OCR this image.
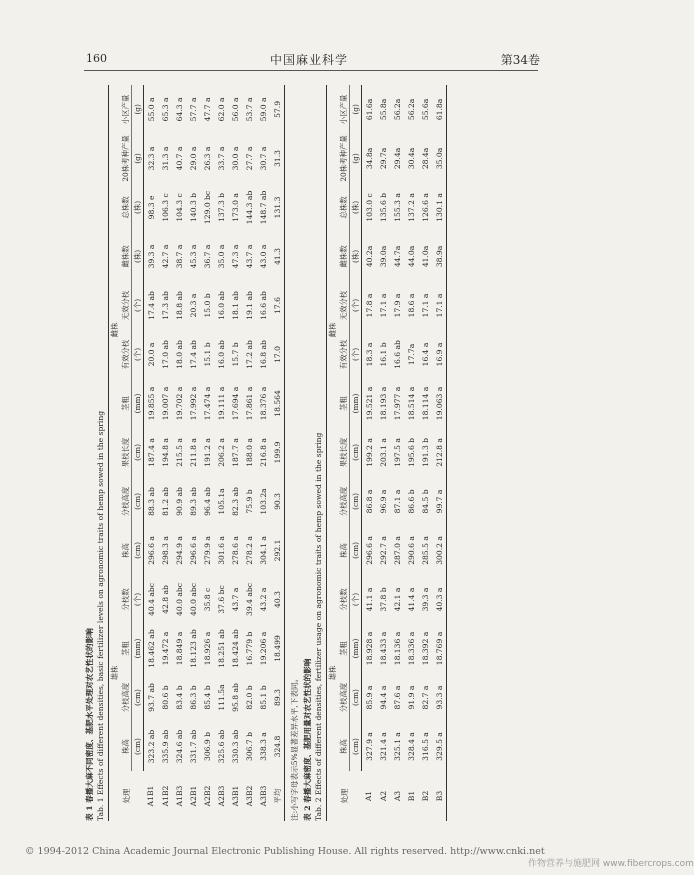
160	中国麻业科学	第34卷
表 1 春播大麻不同密度、基肥水平处理对农艺性状的影响 Tab. 1 Effects of different densities, basic fertilizer levels on agronomic traits of hemp sowed in the spring 处理	雄株				雌株									
	株高	分枝高度	茎粗	分枝数	株高	分枝高度	果枝长度	茎粗	有效分枝	无效分枝	雌株数	总株数	20株考种产量	小区产量
	(cm)	(cm)	(mm)	(个)	(cm)	(cm)	(cm)	(mm)	(个)	(个)	(株)	(株)	(g)	(g)
A1B1	323.2 ab	93.7 ab	18.462 ab	40.4 abc	296.6 a	88.3 ab	187.4 a	19.855 a	20.0 a	17.4 ab	39.3 a	98.3 e	32.3 a	55.0 a
A1B2	335.9 ab	80.6 b	19.472 a	42.8 ab	298.3 a	81.2 ab	194.8 a	19.007 a	17.0 ab	17.3 ab	42.7 a	106.3 c	31.3 a	65.3 a
A1B3	324.6 ab	83.4 b	18.849 a	40.0 abc	294.9 a	90.9 ab	215.5 a	19.702 a	18.0 ab	18.8 ab	38.7 a	104.3 c	40.7 a	64.3 a
A2B1	331.7 ab	86.3 b	18.123 ab	40.0 abc	296.6 a	89.3 ab	211.8 a	17.992 a	17.4 ab	20.3 a	45.3 a	140.3 b	29.0 a	57.7 a
A2B2	306.9 b	85.4 b	18.926 a	35.8 c	279.9 a	96.4 ab	191.2 a	17.474 a	15.1 b	15.0 b	36.7 a	129.0 bc	26.3 a	47.7 a
A2B3	325.6 ab	111.5a	18.251 ab	37.6 bc	301.6 a	105.1a	206.2 a	19.111 a	16.0 ab	16.0 ab	35.0 a	137.3 b	33.7 a	62.0 a
A3B1	330.3 ab	95.8 ab	18.424 ab	43.7 a	278.6 a	82.3 ab	187.7 a	17.694 a	15.7 b	18.1 ab	47.3 a	173.0 a	30.0 a	56.0 a
A3B2	306.7 b	82.0 b	16.779 b	39.4 abc	278.2 a	75.9 b	188.0 a	17.861 a	17.2 ab	19.1 ab	43.7 a	144.3 ab	27.7 a	53.7 a
A3B3	338.3 a	85.1 b	19.206 a	43.2 a	304.1 a	103.2a	216.8 a	18.376 a	16.8 ab	16.6 ab	43.0 a	148.7 ab	30.7 a	59.0 a
平均	324.8	89.3	18.499	40.3	292.1	90.3	199.9	18.564	17.0	17.6	41.3	131.3	31.3	57.9
注:小写字母表示5%显著差异水平,下表同。 表 2 春播大麻密度、基肥用量对农艺性状的影响 Tab. 2 Effects of different densities, fertilizer usage on agronomic traits of hemp sowed in the spring 处理	雄株				雌株									
	株高	分枝高度	茎粗	分枝数	株高	分枝高度	果枝长度	茎粗	有效分枝	无效分枝	雌株数	总株数	20株考种产量	小区产量
	(cm)	(cm)	(mm)	(个)	(cm)	(cm)	(cm)	(mm)	(个)	(个)	(株)	(株)	(g)	(g)
A1	327.9 a	85.9 a	18.928 a	41.1 a	296.6 a	86.8 a	199.2 a	19.521 a	18.3 a	17.8 a	40.2a	103.0 c	34.8a	61.6a
A2	321.4 a	94.4 a	18.433 a	37.8 b	292.7 a	96.9 a	203.1 a	18.193 a	16.1 b	17.1 a	39.0a	135.6 b	29.7a	55.8a
A3	325.1 a	87.6 a	18.136 a	42.1 a	287.0 a	87.1 a	197.5 a	17.977 a	16.6 ab	17.9 a	44.7a	155.3 a	29.4a	56.2a
B1	328.4 a	91.9 a	18.336 a	41.4 a	290.6 a	86.6 b	195.6 b	18.514 a	17.7a	18.6 a	44.0a	137.2 a	30.4a	56.2a
B2	316.5 a	82.7 a	18.392 a	39.3 a	285.5 a	84.5 b	191.3 b	18.114 a	16.4 a	17.1 a	41.0a	126.6 a	28.4a	55.6a
B3	329.5 a	93.3 a	18.769 a	40.3 a	300.2 a	99.7 a	212.8 a	19.063 a	16.9 a	17.1 a	38.9a	130.1 a	35.0a	61.8a
© 1994-2012 China Academic Journal Electronic Publishing House. All rights reserved. http://www.cnki.net
作物营养与施肥网 www.fibercrops.com
